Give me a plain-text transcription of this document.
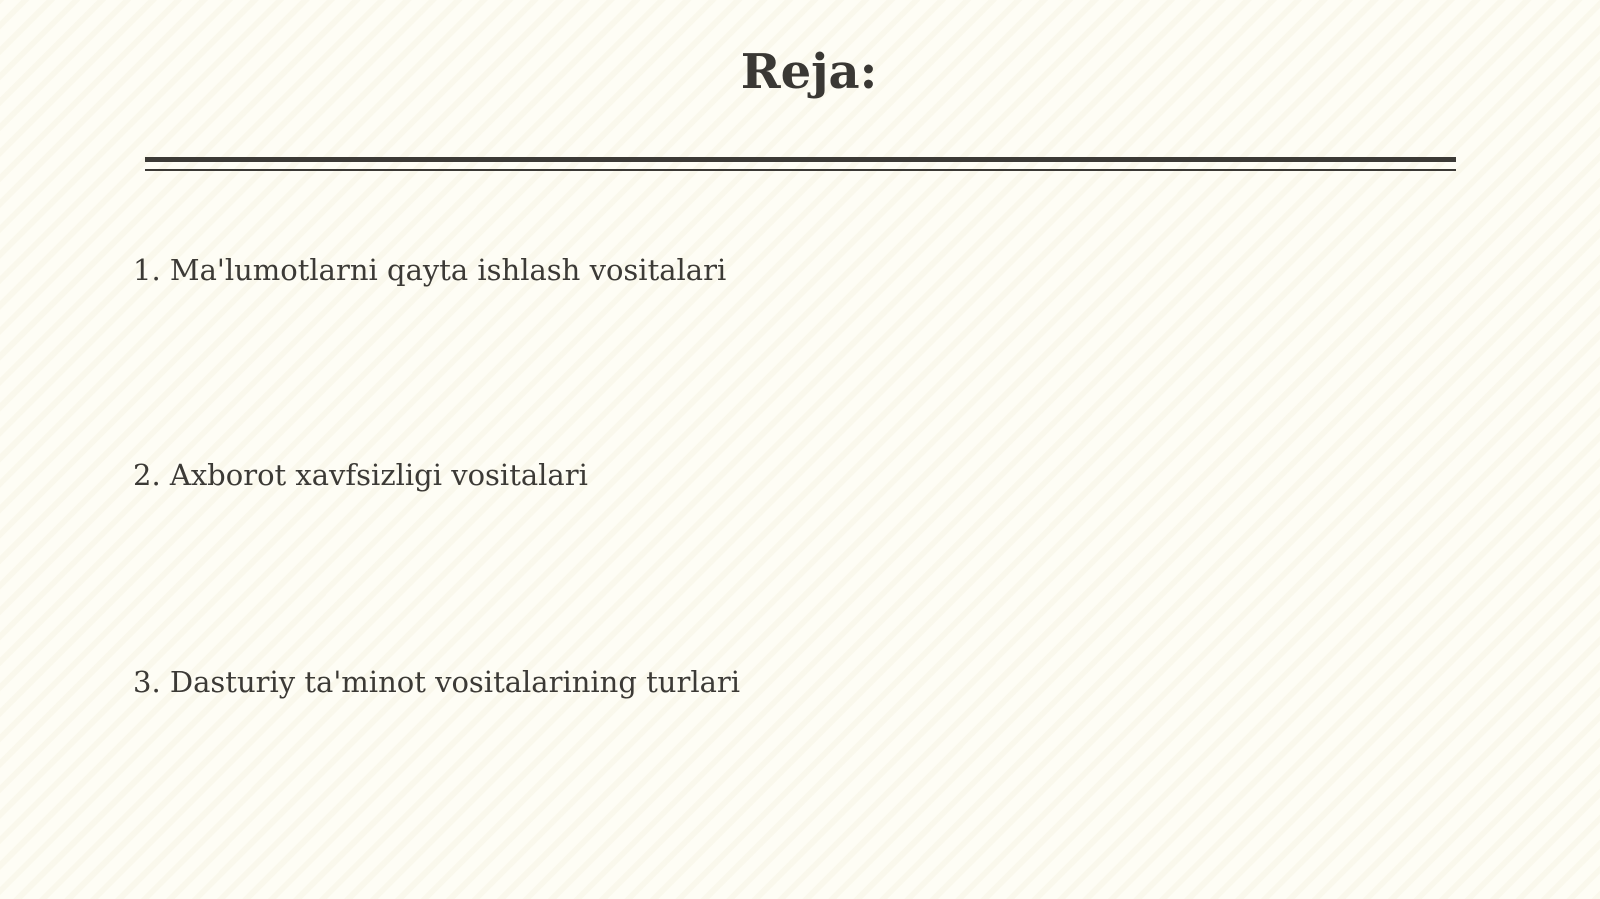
Reja:
1. Ma'lumotlarni qayta ishlash vositalari
2. Axborot xavfsizligi vositalari
3. Dasturiy ta'minot vositalarining turlari
